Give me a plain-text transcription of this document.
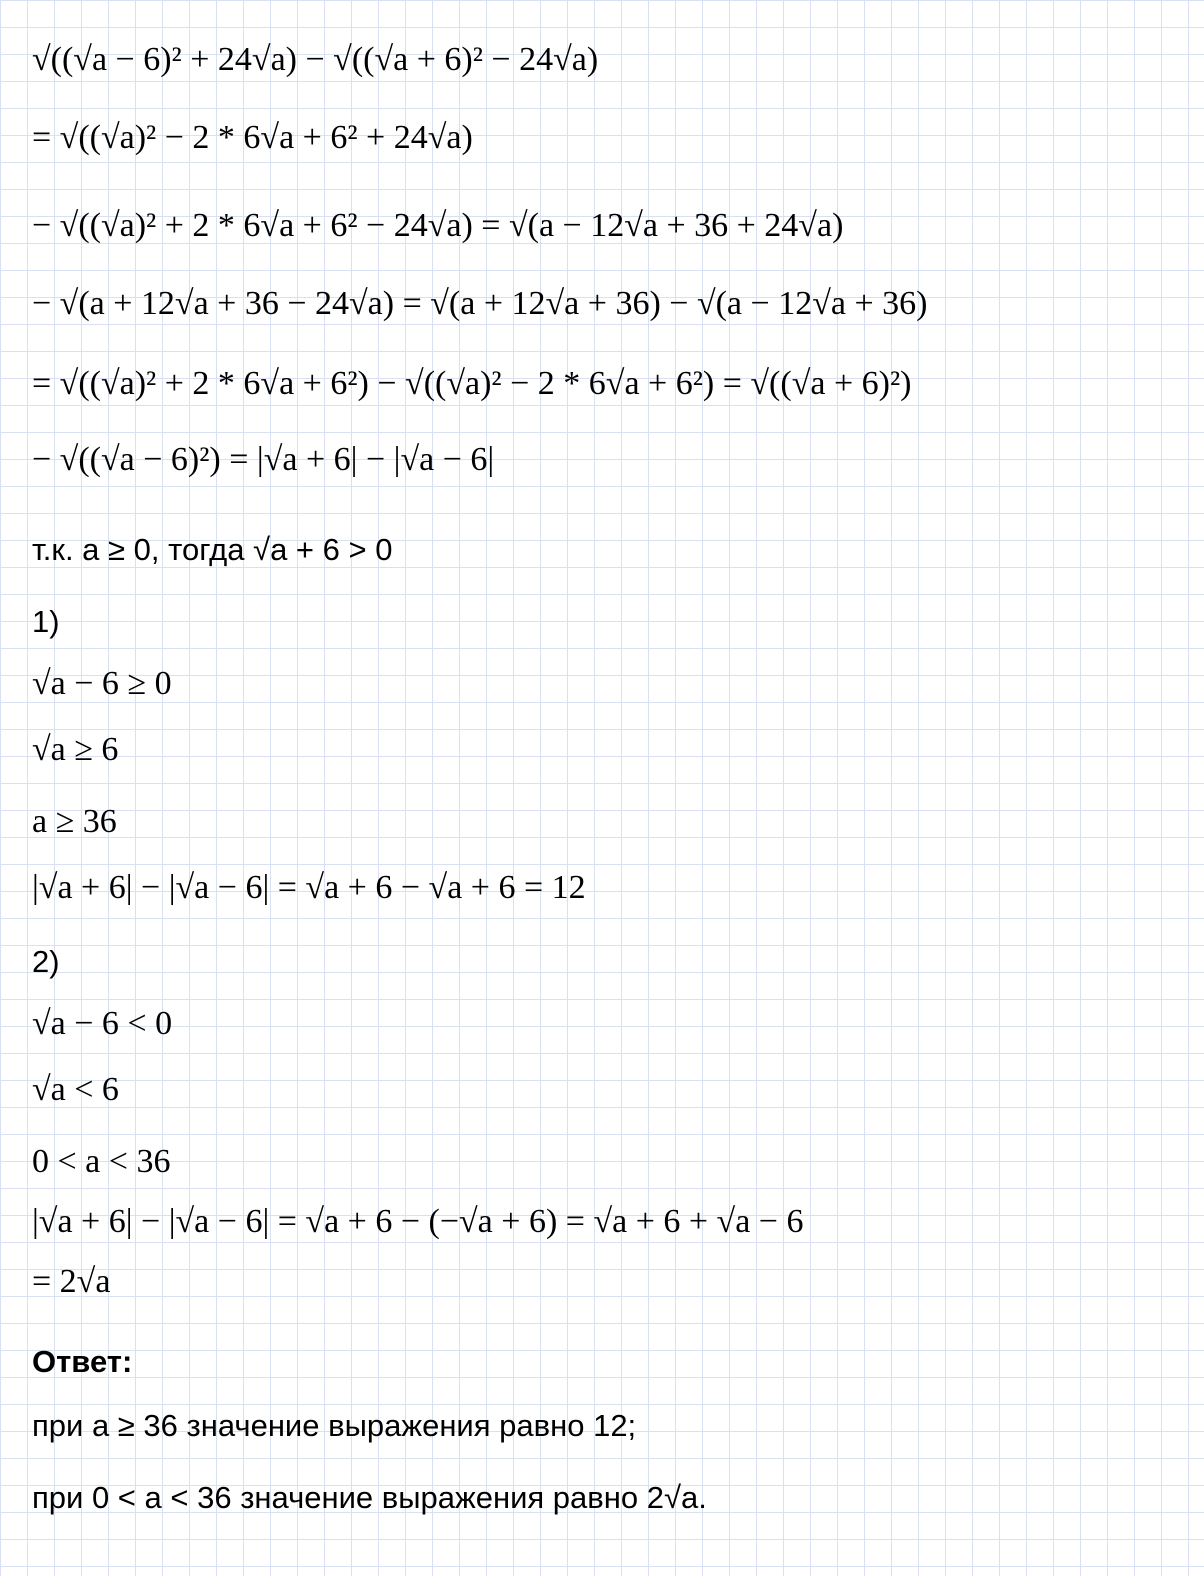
√((√a − 6)² + 24√a) − √((√a + 6)² − 24√a)
= √((√a)² − 2 * 6√a + 6² + 24√a)
− √((√a)² + 2 * 6√a + 6² − 24√a) = √(a − 12√a + 36 + 24√a)
− √(a + 12√a + 36 − 24√a) = √(a + 12√a + 36) − √(a − 12√a + 36)
= √((√a)² + 2 * 6√a + 6²) − √((√a)² − 2 * 6√a + 6²) = √((√a + 6)²)
− √((√a − 6)²) = |√a + 6| − |√a − 6|
т.к. a ≥ 0, тогда √a + 6 > 0
1)
√a − 6 ≥ 0
√a ≥ 6
a ≥ 36
|√a + 6| − |√a − 6| = √a + 6 − √a + 6 = 12
2)
√a − 6 < 0
√a < 6
0 < a < 36
|√a + 6| − |√a − 6| = √a + 6 − (−√a + 6) = √a + 6 + √a − 6
= 2√a
Ответ:
при a ≥ 36 значение выражения равно 12;
при 0 < a < 36 значение выражения равно 2√a.
